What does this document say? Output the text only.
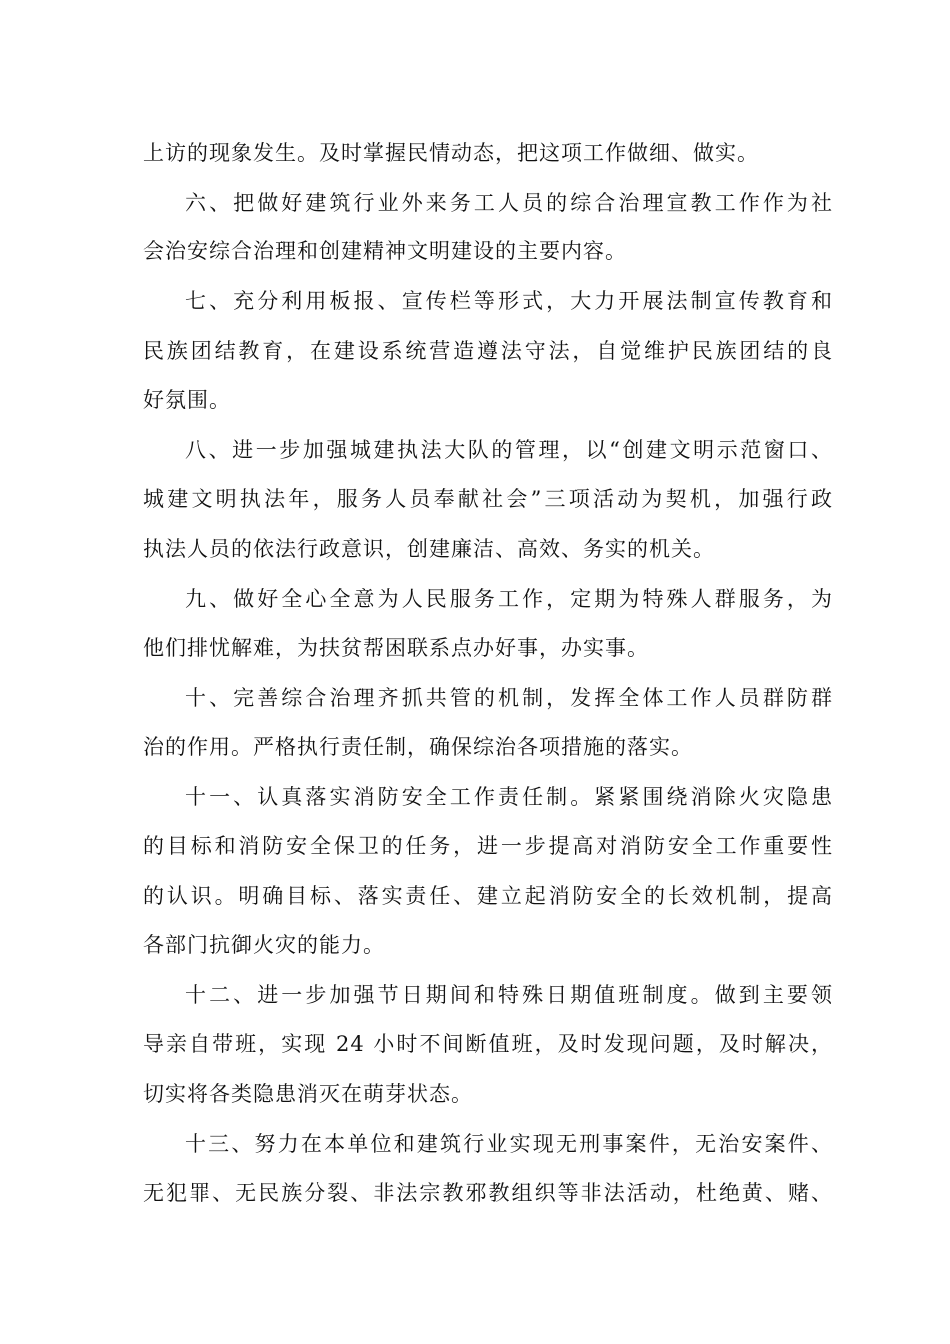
上访的现象发生。及时掌握民情动态，把这项工作做细、做实。
六、把做好建筑行业外来务工人员的综合治理宣教工作作为社
会治安综合治理和创建精神文明建设的主要内容。
七、充分利用板报、宣传栏等形式，大力开展法制宣传教育和
民族团结教育，在建设系统营造遵法守法，自觉维护民族团结的良
好氛围。
八、进一步加强城建执法大队的管理，以“创建文明示范窗口、
城建文明执法年，服务人员奉献社会”三项活动为契机，加强行政
执法人员的依法行政意识，创建廉洁、高效、务实的机关。
九、做好全心全意为人民服务工作，定期为特殊人群服务，为
他们排忧解难，为扶贫帮困联系点办好事，办实事。
十、完善综合治理齐抓共管的机制，发挥全体工作人员群防群
治的作用。严格执行责任制，确保综治各项措施的落实。
十一、认真落实消防安全工作责任制。紧紧围绕消除火灾隐患
的目标和消防安全保卫的任务，进一步提高对消防安全工作重要性
的认识。明确目标、落实责任、建立起消防安全的长效机制，提高
各部门抗御火灾的能力。
十二、进一步加强节日期间和特殊日期值班制度。做到主要领
导亲自带班，实现 24 小时不间断值班，及时发现问题，及时解决，
切实将各类隐患消灭在萌芽状态。
十三、努力在本单位和建筑行业实现无刑事案件，无治安案件、
无犯罪、无民族分裂、非法宗教邪教组织等非法活动，杜绝黄、赌、
